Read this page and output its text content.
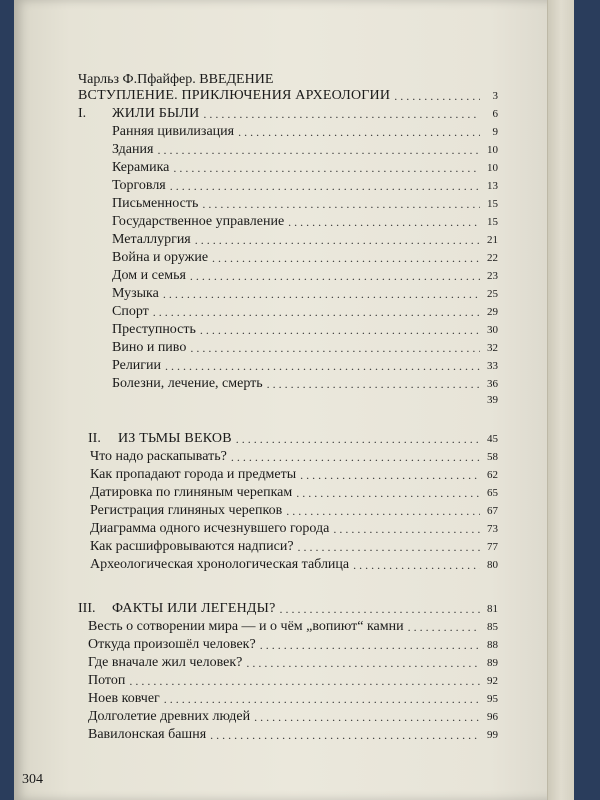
Чарльз Ф.Пфайфер. ВВЕДЕНИЕ
ВСТУПЛЕНИЕ. ПРИКЛЮЧЕНИЯ АРХЕОЛОГИИ . . .	3
I.	ЖИЛИ БЫЛИ . . .	6
Ранняя цивилизация . . .	9
Здания . . .	10
Керамика . . .	10
Торговля . . .	13
Письменность . . .	15
Государственное управление . . .	15
Металлургия . . .	21
Война и оружие . . .	22
Дом и семья . . .	23
Музыка . . .	25
Спорт . . .	29
Преступность . . .	30
Вино и пиво . . .	32
Религии . . .	33
Болезни, лечение, смерть . . .	36
39
II.	ИЗ ТЬМЫ ВЕКОВ . . .	45
Что надо раскапывать? . . .	58
Как пропадают города и предметы . . .	62
Датировка по глиняным черепкам . . .	65
Регистрация глиняных черепков . . .	67
Диаграмма одного исчезнувшего города . . .	73
Как расшифровываются надписи? . . .	77
Археологическая хронологическая таблица . . .	80
III.	ФАКТЫ ИЛИ ЛЕГЕНДЫ? . . .	81
Весть о сотворении мира — и о чём „вопиют“ камни . . .	85
Откуда произошёл человек? . . .	88
Где вначале жил человек? . . .	89
Потоп . . .	92
Ноев ковчег . . .	95
Долголетие древних людей . . .	96
Вавилонская башня . . .	99
304
